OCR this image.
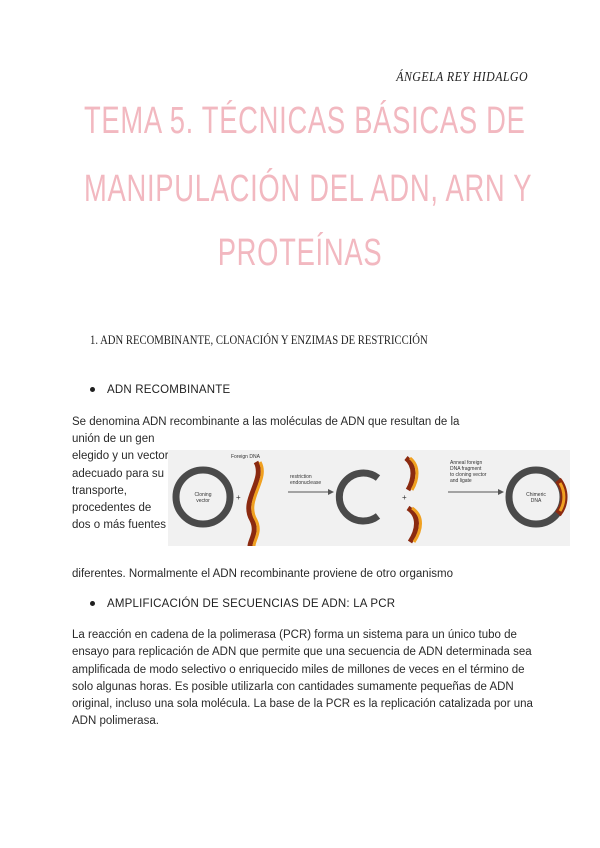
ÁNGELA REY HIDALGO
TEMA 5. TÉCNICAS BÁSICAS DE
MANIPULACIÓN DEL ADN, ARN Y
PROTEÍNAS
1. ADN RECOMBINANTE, CLONACIÓN Y ENZIMAS DE RESTRICCIÓN
ADN RECOMBINANTE
Se denomina ADN recombinante a las moléculas de ADN que resultan de la
unión de un gen elegido y un vector adecuado para su transporte, procedentes de dos o más fuentes
Cloning
vector	+
Foreign DNA
restriction
endonuclease
+
Anneal foreign
DNA fragment
to cloning vector
and ligate
Chimeric
DNA
diferentes. Normalmente el ADN recombinante proviene de otro organismo
AMPLIFICACIÓN DE SECUENCIAS DE ADN: LA PCR
La reacción en cadena de la polimerasa (PCR) forma un sistema para un único tubo de ensayo para replicación de ADN que permite que una secuencia de ADN determinada sea amplificada de modo selectivo o enriquecido miles de millones de veces en el término de solo algunas horas. Es posible utilizarla con cantidades sumamente pequeñas de ADN original, incluso una sola molécula. La base de la PCR es la replicación catalizada por una ADN polimerasa.
